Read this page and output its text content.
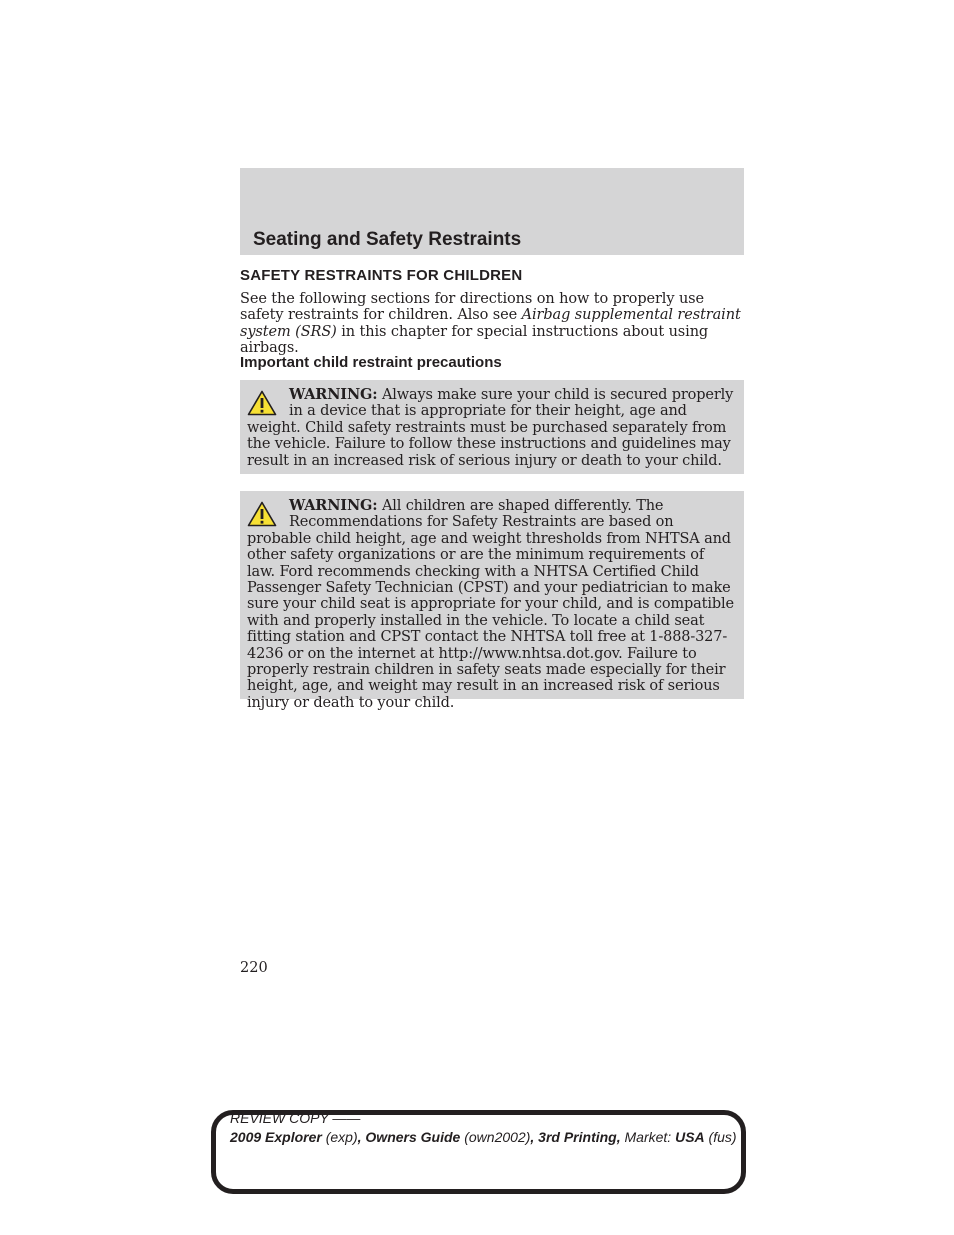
Seating and Safety Restraints
SAFETY RESTRAINTS FOR CHILDREN

See the following sections for directions on how to properly use safety restraints for children. Also see Airbag supplemental restraint system (SRS) in this chapter for special instructions about using airbags.

Important child restraint precautions

WARNING: Always make sure your child is secured properly in a device that is appropriate for their height, age and weight. Child safety restraints must be purchased separately from the vehicle. Failure to follow these instructions and guidelines may result in an increased risk of serious injury or death to your child.

WARNING: All children are shaped differently. The Recommendations for Safety Restraints are based on probable child height, age and weight thresholds from NHTSA and other safety organizations or are the minimum requirements of law. Ford recommends checking with a NHTSA Certified Child Passenger Safety Technician (CPST) and your pediatrician to make sure your child seat is appropriate for your child, and is compatible with and properly installed in the vehicle. To locate a child seat fitting station and CPST contact the NHTSA toll free at 1-888-327-4236 or on the internet at http://www.nhtsa.dot.gov. Failure to properly restrain children in safety seats made especially for their height, age, and weight may result in an increased risk of serious injury or death to your child.

220

REVIEW COPY ——
2009 Explorer (exp), Owners Guide (own2002), 3rd Printing, Market: USA (fus)
